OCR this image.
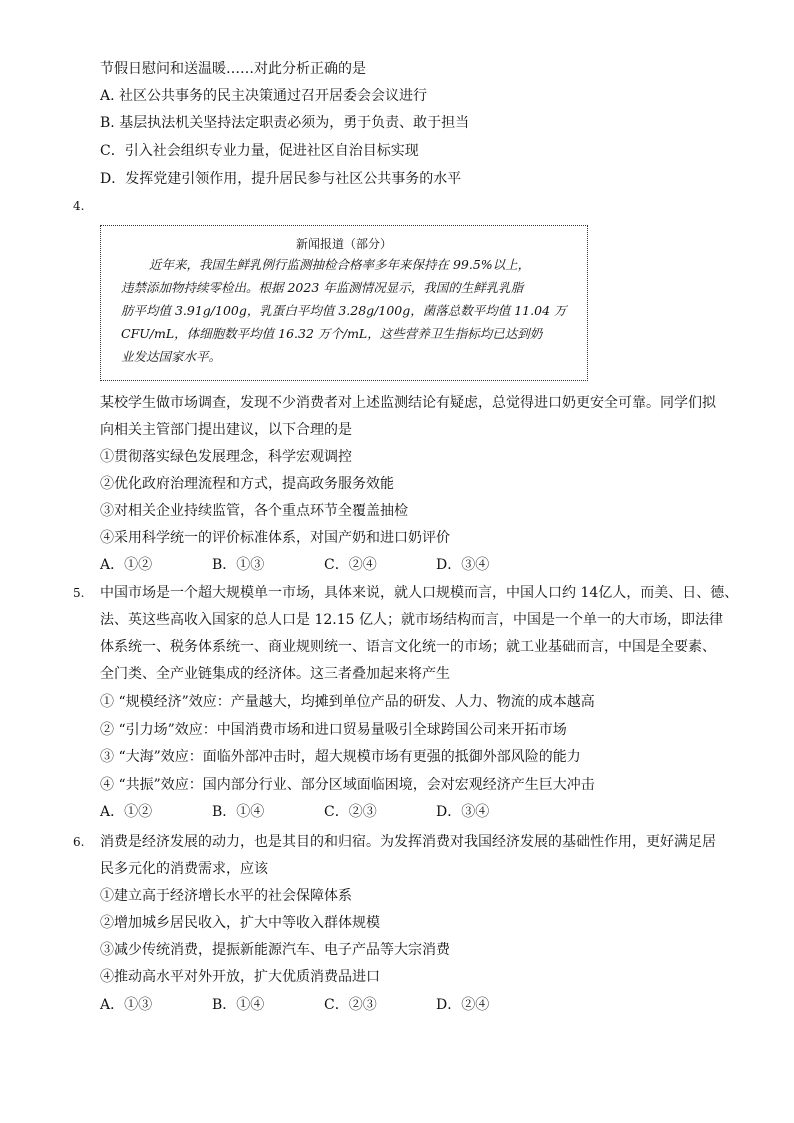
节假日慰问和送温暖……对此分析正确的是
A. 社区公共事务的民主决策通过召开居委会会议进行
B. 基层执法机关坚持法定职责必须为，勇于负责、敢于担当
C．引入社会组织专业力量，促进社区自治目标实现
D．发挥党建引领作用，提升居民参与社区公共事务的水平
4.
新闻报道（部分）
近年来，我国生鲜乳例行监测抽检合格率多年来保持在 99.5%以上，
违禁添加物持续零检出。根据 2023 年监测情况显示，我国的生鲜乳乳脂
肪平均值 3.91g/100g，乳蛋白平均值 3.28g/100g，菌落总数平均值 11.04 万
CFU/mL，体细胞数平均值 16.32 万个/mL，这些营养卫生指标均已达到奶
业发达国家水平。
某校学生做市场调查，发现不少消费者对上述监测结论有疑虑，总觉得进口奶更安全可靠。同学们拟
向相关主管部门提出建议，以下合理的是
①贯彻落实绿色发展理念，科学宏观调控
②优化政府治理流程和方式，提高政务服务效能
③对相关企业持续监管，各个重点环节全覆盖抽检
④采用科学统一的评价标准体系，对国产奶和进口奶评价
A．①②	B．①③	C．②④	D．③④
5. 中国市场是一个超大规模单一市场，具体来说，就人口规模而言，中国人口约 14亿人，而美、日、德、
法、英这些高收入国家的总人口是 12.15 亿人；就市场结构而言，中国是一个单一的大市场，即法律
体系统一、税务体系统一、商业规则统一、语言文化统一的市场；就工业基础而言，中国是全要素、
全门类、全产业链集成的经济体。这三者叠加起来将产生
① “规模经济”效应：产量越大，均摊到单位产品的研发、人力、物流的成本越高
② “引力场”效应：中国消费市场和进口贸易量吸引全球跨国公司来开拓市场
③ “大海”效应：面临外部冲击时，超大规模市场有更强的抵御外部风险的能力
④ “共振”效应：国内部分行业、部分区域面临困境，会对宏观经济产生巨大冲击
A．①②	B．①④	C．②③	D．③④
6. 消费是经济发展的动力，也是其目的和归宿。为发挥消费对我国经济发展的基础性作用，更好满足居
民多元化的消费需求，应该
①建立高于经济增长水平的社会保障体系
②增加城乡居民收入，扩大中等收入群体规模
③减少传统消费，提振新能源汽车、电子产品等大宗消费
④推动高水平对外开放，扩大优质消费品进口
A．①③	B．①④	C．②③	D．②④
